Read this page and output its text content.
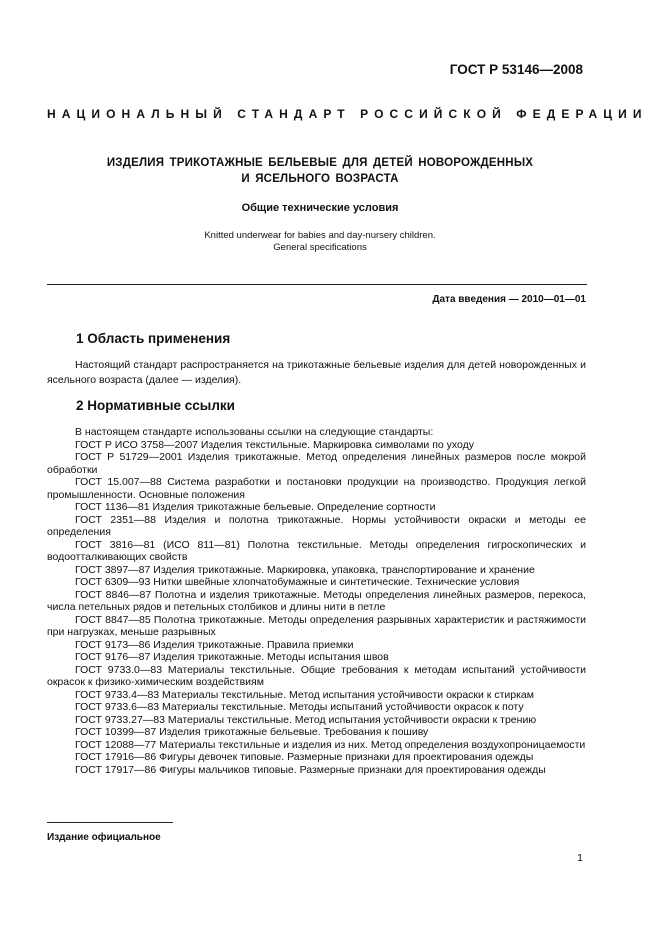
ГОСТ Р 53146—2008
НАЦИОНАЛЬНЫЙ СТАНДАРТ РОССИЙСКОЙ ФЕДЕРАЦИИ
ИЗДЕЛИЯ ТРИКОТАЖНЫЕ БЕЛЬЕВЫЕ ДЛЯ ДЕТЕЙ НОВОРОЖДЕННЫХ
И ЯСЕЛЬНОГО ВОЗРАСТА
Общие технические условия
Knitted underwear for babies and day-nursery children.
General specifications
Дата введения — 2010—01—01
1 Область применения
Настоящий стандарт распространяется на трикотажные бельевые изделия для детей новорожденных и ясельного возраста (далее — изделия).
2 Нормативные ссылки

В настоящем стандарте использованы ссылки на следующие стандарты:

ГОСТ Р ИСО 3758—2007 Изделия текстильные. Маркировка символами по уходу

ГОСТ Р 51729—2001 Изделия трикотажные. Метод определения линейных размеров после мокрой обработки

ГОСТ 15.007—88 Система разработки и постановки продукции на производство. Продукция легкой промышленности. Основные положения

ГОСТ 1136—81 Изделия трикотажные бельевые. Определение сортности

ГОСТ 2351—88 Изделия и полотна трикотажные. Нормы устойчивости окраски и методы ее определения

ГОСТ 3816—81 (ИСО 811—81) Полотна текстильные. Методы определения гигроскопических и водоотталкивающих свойств

ГОСТ 3897—87 Изделия трикотажные. Маркировка, упаковка, транспортирование и хранение

ГОСТ 6309—93 Нитки швейные хлопчатобумажные и синтетические. Технические условия

ГОСТ 8846—87 Полотна и изделия трикотажные. Методы определения линейных размеров, перекоса, числа петельных рядов и петельных столбиков и длины нити в петле

ГОСТ 8847—85 Полотна трикотажные. Методы определения разрывных характеристик и растяжимости при нагрузках, меньше разрывных

ГОСТ 9173—86 Изделия трикотажные. Правила приемки

ГОСТ 9176—87 Изделия трикотажные. Методы испытания швов

ГОСТ 9733.0—83 Материалы текстильные. Общие требования к методам испытаний устойчивости окрасок к физико-химическим воздействиям

ГОСТ 9733.4—83 Материалы текстильные. Метод испытания устойчивости окраски к стиркам

ГОСТ 9733.6—83 Материалы текстильные. Методы испытаний устойчивости окрасок к поту

ГОСТ 9733.27—83 Материалы текстильные. Метод испытания устойчивости окраски к трению

ГОСТ 10399—87 Изделия трикотажные бельевые. Требования к пошиву

ГОСТ 12088—77 Материалы текстильные и изделия из них. Метод определения воздухопроницаемости

ГОСТ 17916—86 Фигуры девочек типовые. Размерные признаки для проектирования одежды

ГОСТ 17917—86 Фигуры мальчиков типовые. Размерные признаки для проектирования одежды

Издание официальное
1
